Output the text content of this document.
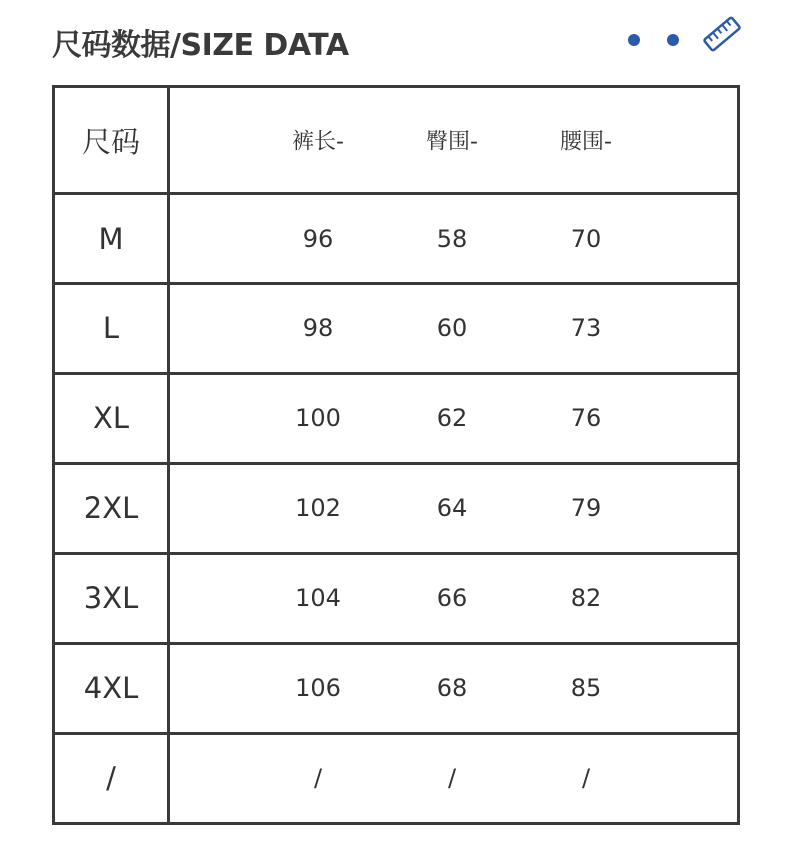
尺码数据/SIZE DATA
尺码	裤长- 臀围- 腰围-

M	96 58 70

L	98 60 73

XL	100 62 76

2XL	102 64 79

3XL	104 66 82

4XL	106 68 85

/	/ / /
